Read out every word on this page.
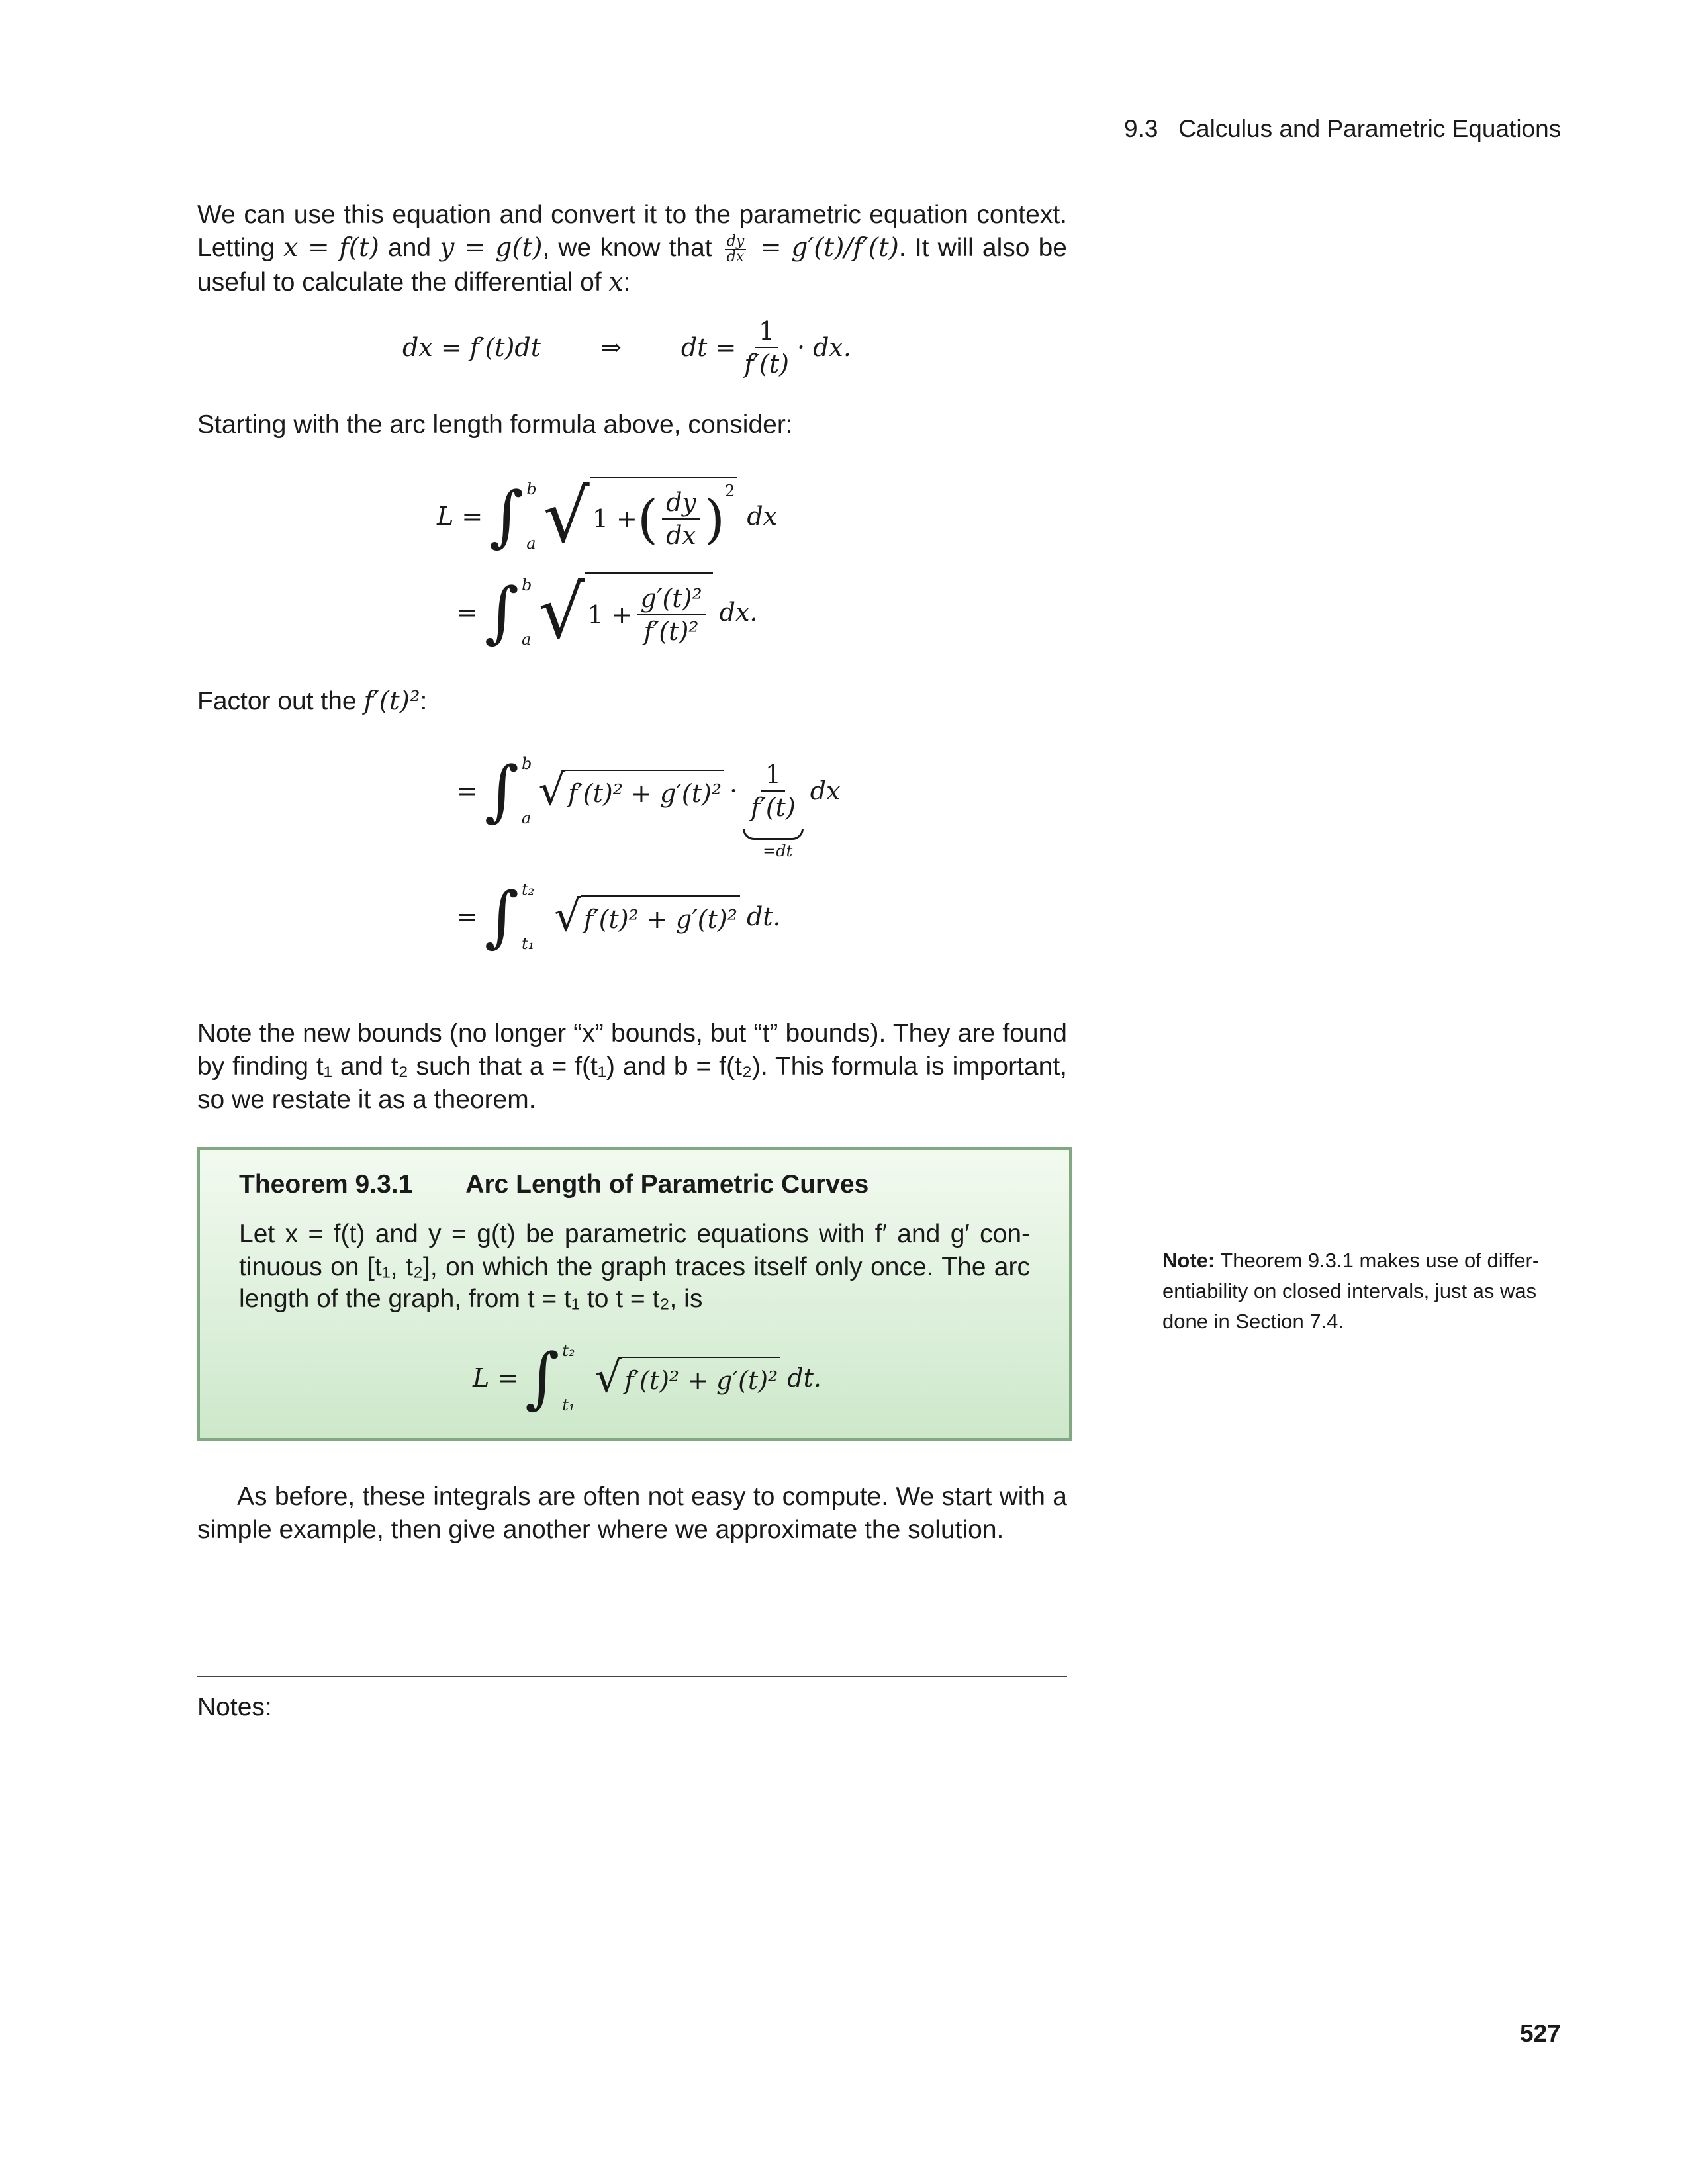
9.3 Calculus and Parametric Equations
We can use this equation and convert it to the parametric equation context.
Letting x = f(t) and y = g(t), we know that $\frac{dy}{dx} = g'(t)/f'(t)$. It will also be
useful to calculate the differential of x:
dx = f′(t)dt ⇒ dt = $\frac{1}{f'(t)}$ · dx.
Starting with the arc length formula above, consider:
L = ∫ b
a √ 1 + ( $\frac{dy}{dx} )^2$
dx
= ∫ b
a √ $1 + \frac{\text{g′(t)²}}{\text{f′(t)²}}$ dx.
Factor out the f′(t)²:
= ∫ b
a
√ $f'(t)^2 + g'(t)^2 \cdot \frac{1}{f'(t)}$
=dt
dx
= ∫ t₂
t₁
√ f′(t)² + g′(t)² dt.
Note the new bounds (no longer “x” bounds, but “t” bounds). They are found
by finding t₁ and t₂ such that a = f(t₁) and b = f(t₂). This formula is important,
so we restate it as a theorem.
Theorem 9.3.1 Arc Length of Parametric Curves
Let x = f(t) and y = g(t) be parametric equations with f′ and g′ con-
tinuous on [t₁, t₂], on which the graph traces itself only once. The arc
length of the graph, from t = t₁ to t = t₂, is
L = ∫ t₂
t₁
√ f′(t)² + g′(t)² dt.
Note: Theorem 9.3.1 makes use of differ-
entiability on closed intervals, just as was
done in Section 7.4.
As before, these integrals are often not easy to compute. We start with a
simple example, then give another where we approximate the solution.
Notes:
527
